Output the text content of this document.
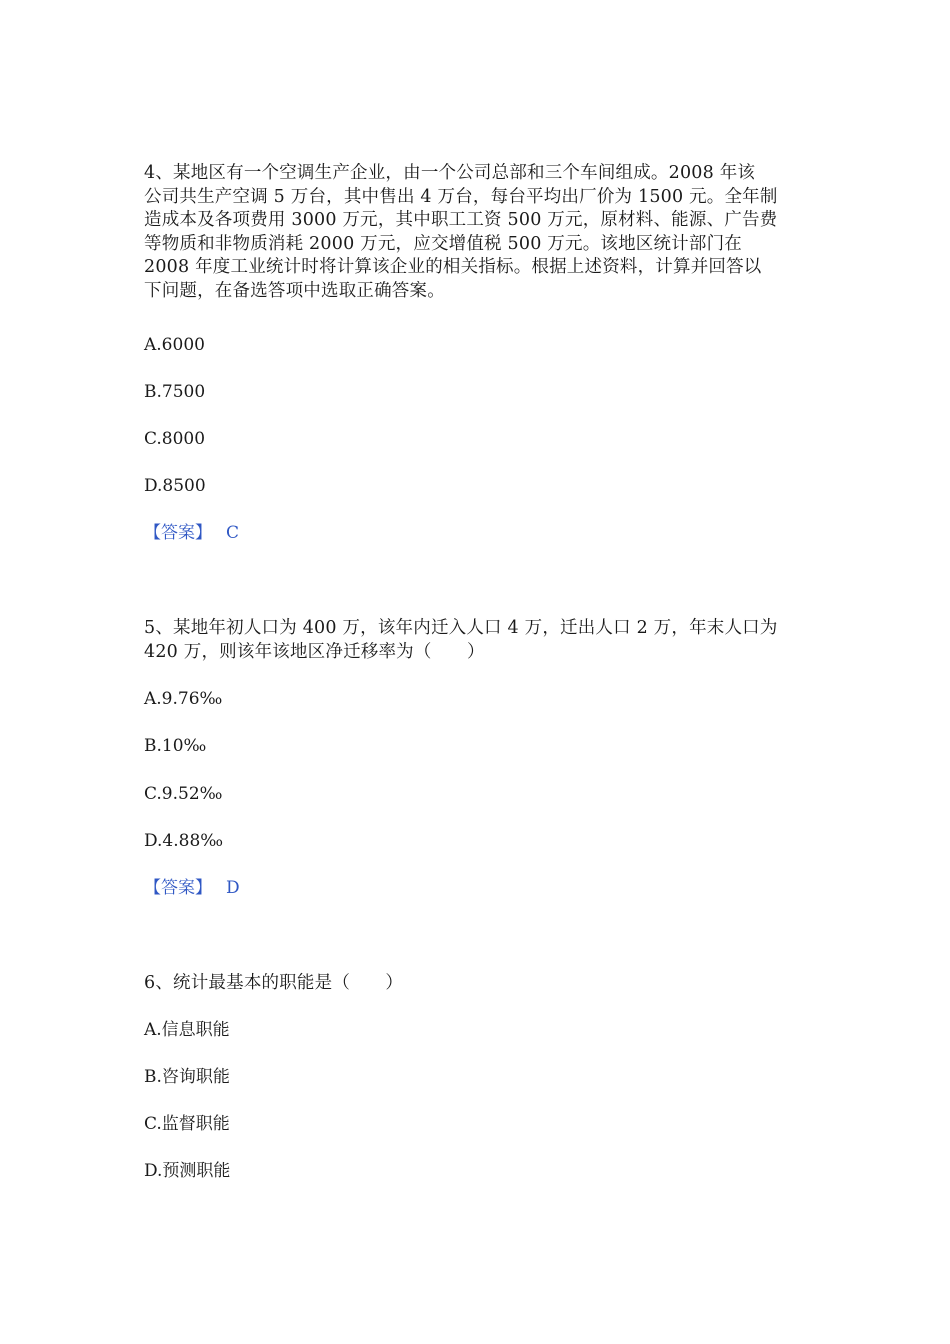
4、某地区有一个空调生产企业，由一个公司总部和三个车间组成。2008 年该
公司共生产空调 5 万台，其中售出 4 万台，每台平均出厂价为 1500 元。全年制
造成本及各项费用 3000 万元，其中职工工资 500 万元，原材料、能源、广告费
等物质和非物质消耗 2000 万元，应交增值税 500 万元。该地区统计部门在
2008 年度工业统计时将计算该企业的相关指标。根据上述资料，计算并回答以
下问题，在备选答项中选取正确答案。

A.6000

B.7500

C.8000

D.8500

【答案】 C

5、某地年初人口为 400 万，该年内迁入人口 4 万，迁出人口 2 万，年末人口为
420 万，则该年该地区净迁移率为（　　）

A.9.76‰

B.10‰

C.9.52‰

D.4.88‰

【答案】 D

6、统计最基本的职能是（　　）

A.信息职能

B.咨询职能

C.监督职能

D.预测职能
